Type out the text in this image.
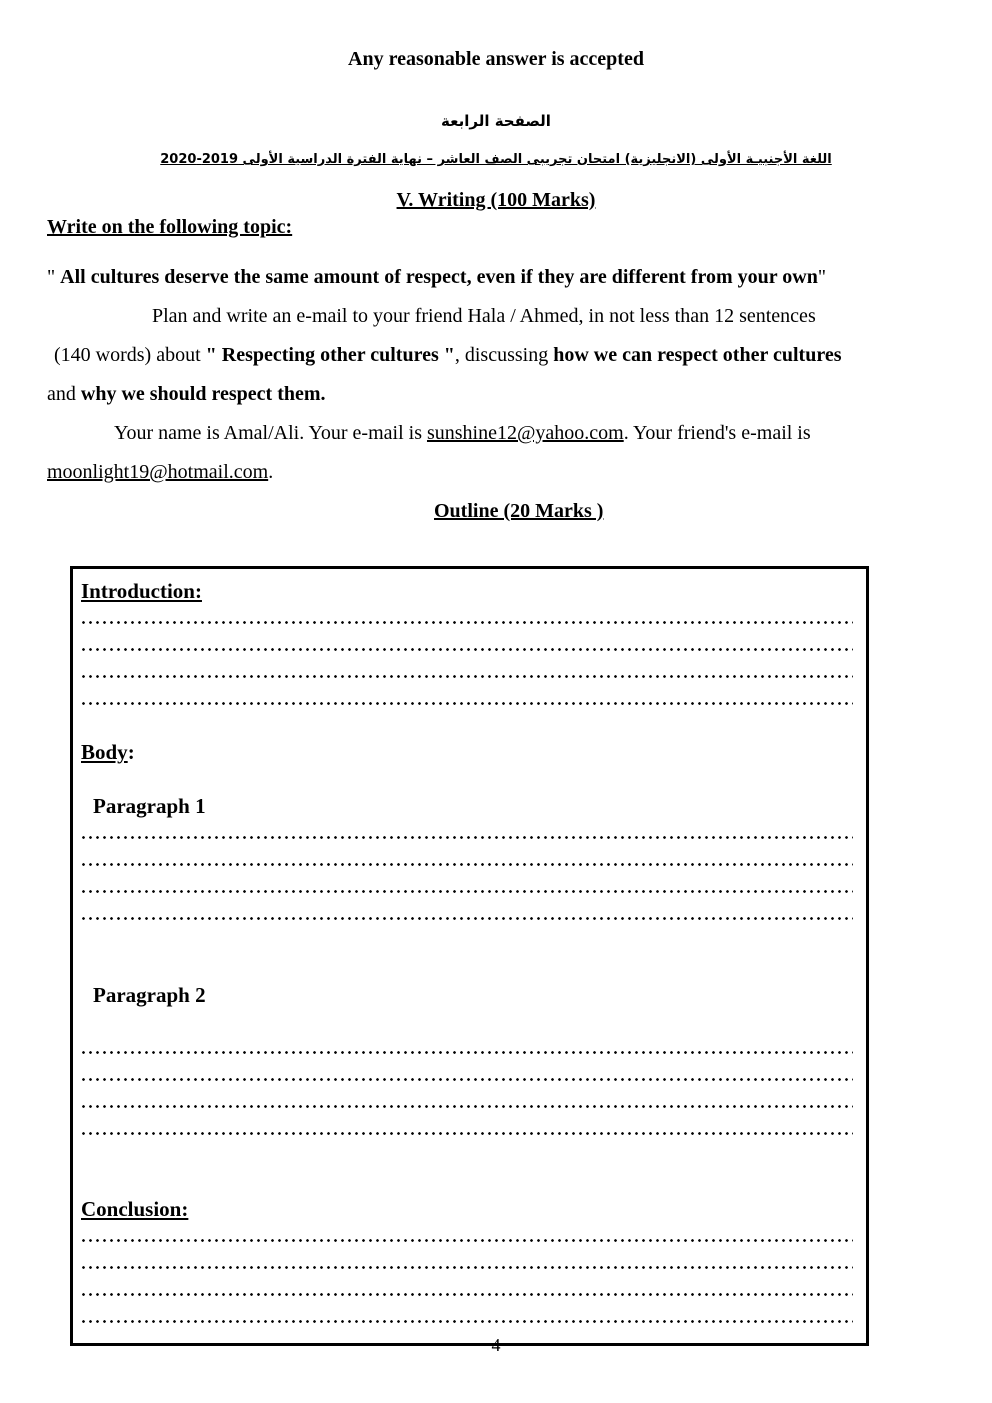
Any reasonable answer is accepted
الصفحة الرابعة
اللغة الأجنبيـة الأولى (الانجليزية) امتحان تجريبى الصف العاشر – نهاية الفترة الدراسية الأولى 2019-2020
V. Writing (100 Marks)
Write on the following topic:
" All cultures deserve the same amount of respect, even if they are different from your own"
Plan and write an e-mail to your friend Hala / Ahmed, in not less than 12 sentences
(140 words) about " Respecting other cultures ", discussing how we can respect other cultures
and why we should respect them.
Your name is Amal/Ali. Your e-mail is sunshine12@yahoo.com. Your friend's e-mail is
moonlight19@hotmail.com.
Outline (20 Marks )
Introduction:
Body:
Paragraph 1
Paragraph 2
Conclusion:
4
